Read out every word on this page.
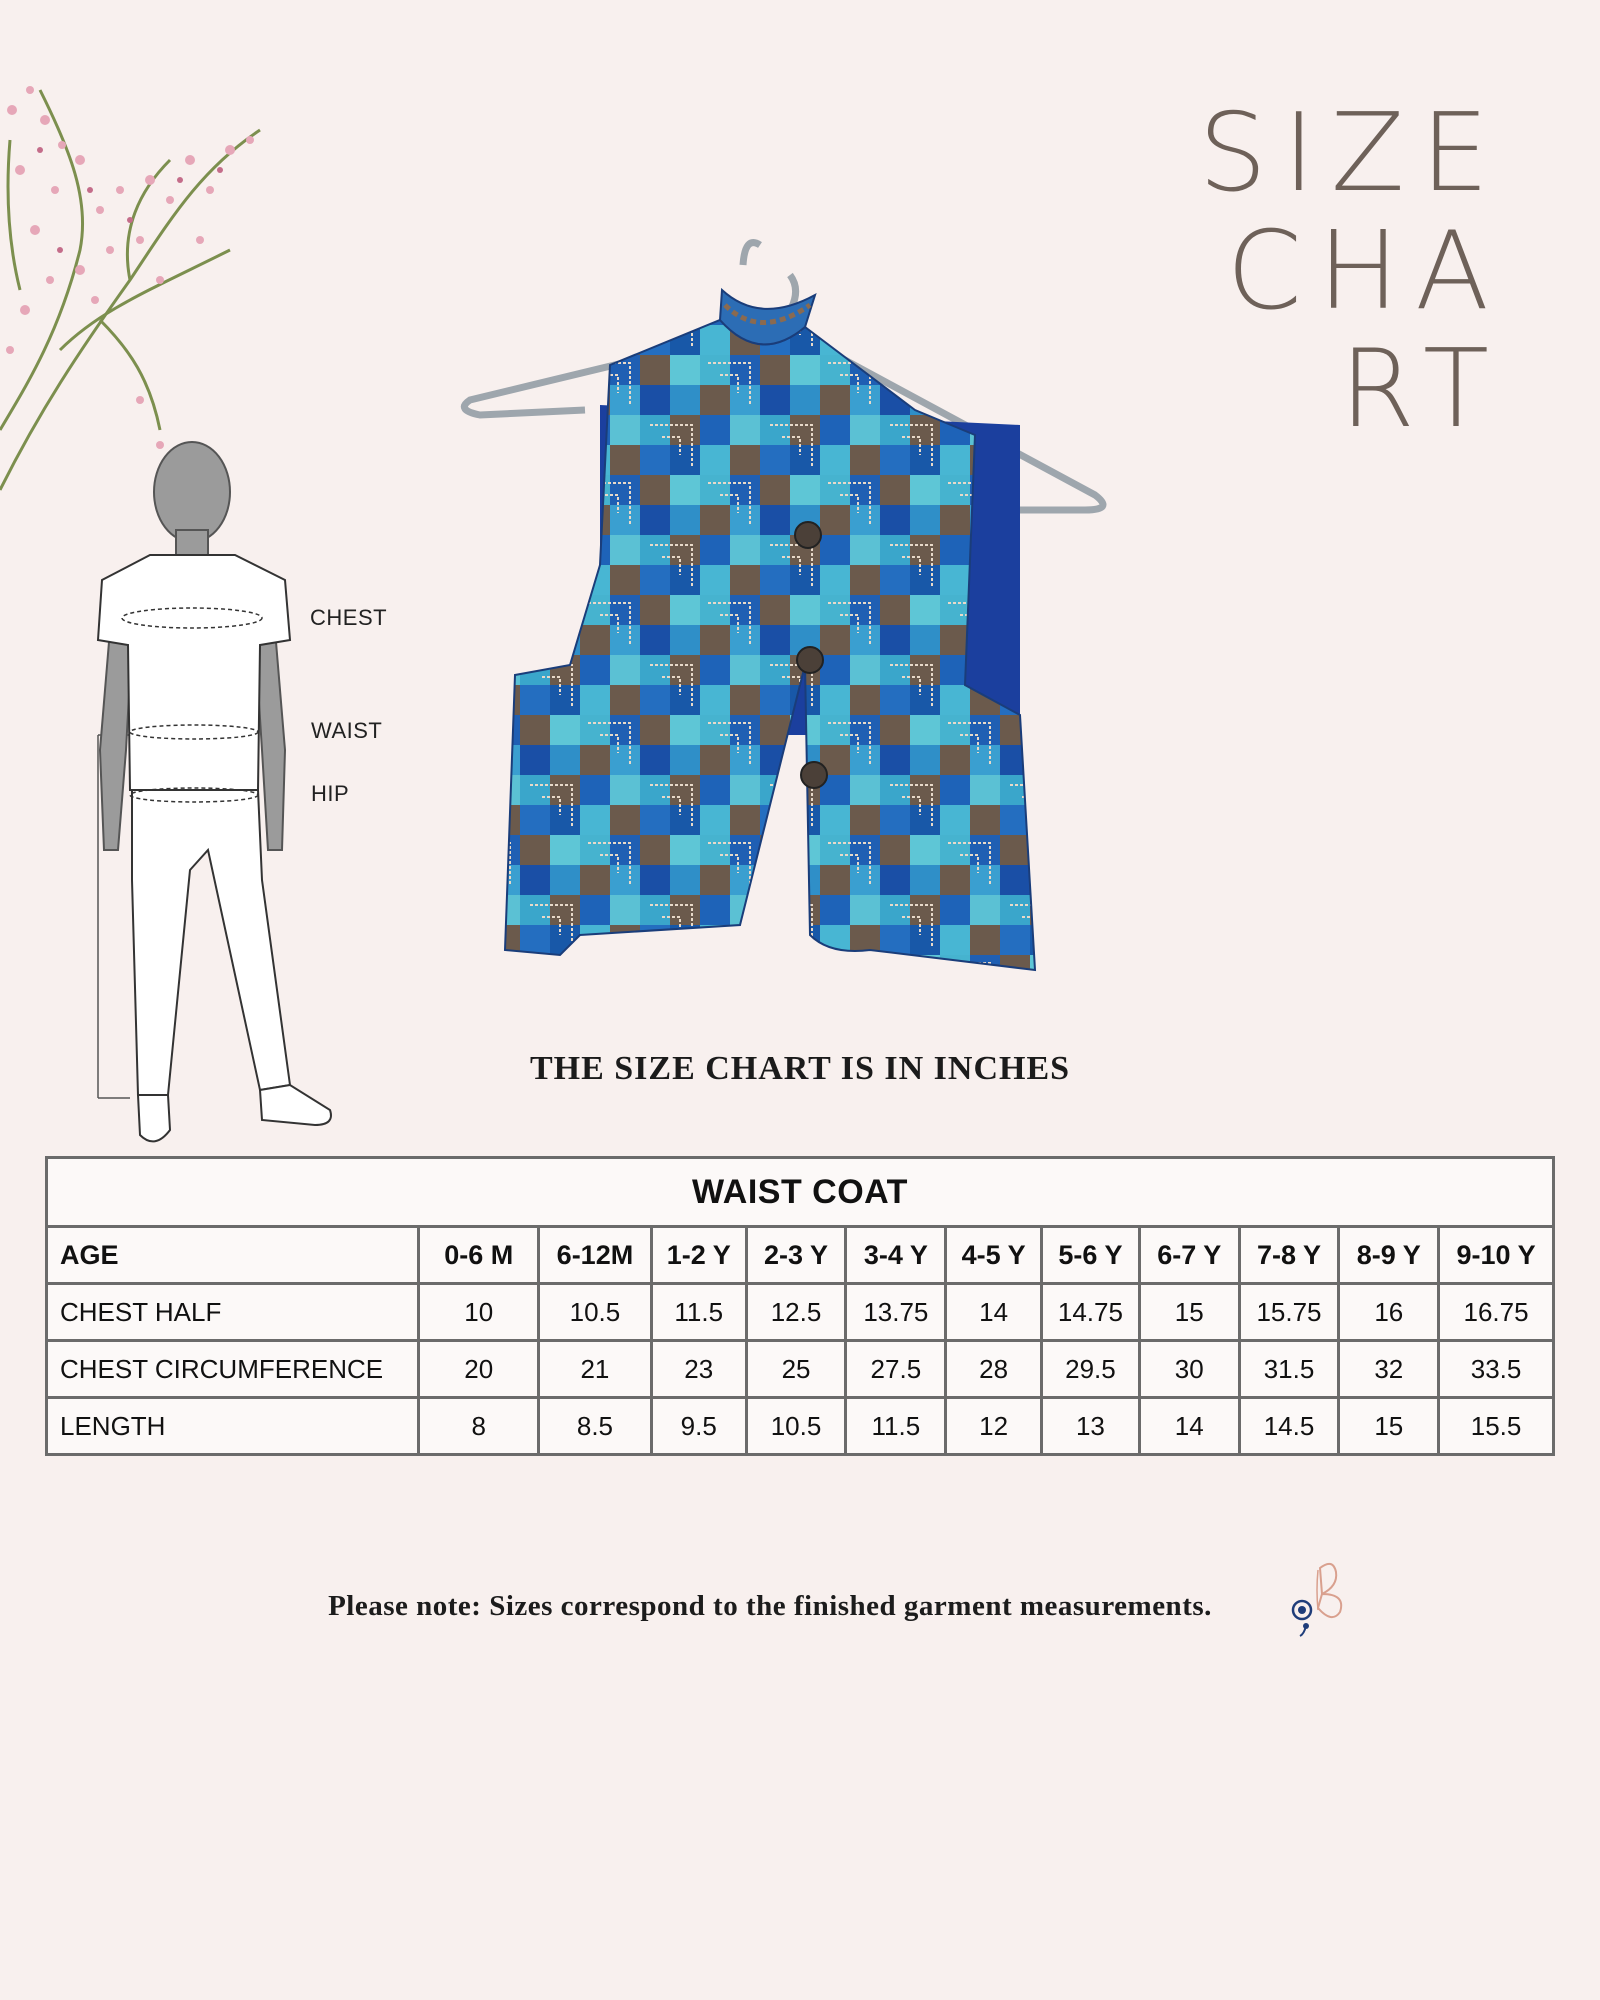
SIZE
CHA
RT
CHEST
WAIST
HIP
THE SIZE CHART IS IN INCHES
WAIST COAT											
AGE	0-6 M	6-12M	1-2 Y	2-3 Y	3-4 Y	4-5 Y	5-6 Y	6-7 Y	7-8 Y	8-9 Y	9-10 Y
CHEST HALF	10	10.5	11.5	12.5	13.75	14	14.75	15	15.75	16	16.75
CHEST CIRCUMFERENCE	20	21	23	25	27.5	28	29.5	30	31.5	32	33.5
LENGTH	8	8.5	9.5	10.5	11.5	12	13	14	14.5	15	15.5
Please note: Sizes correspond to the finished garment measurements.
